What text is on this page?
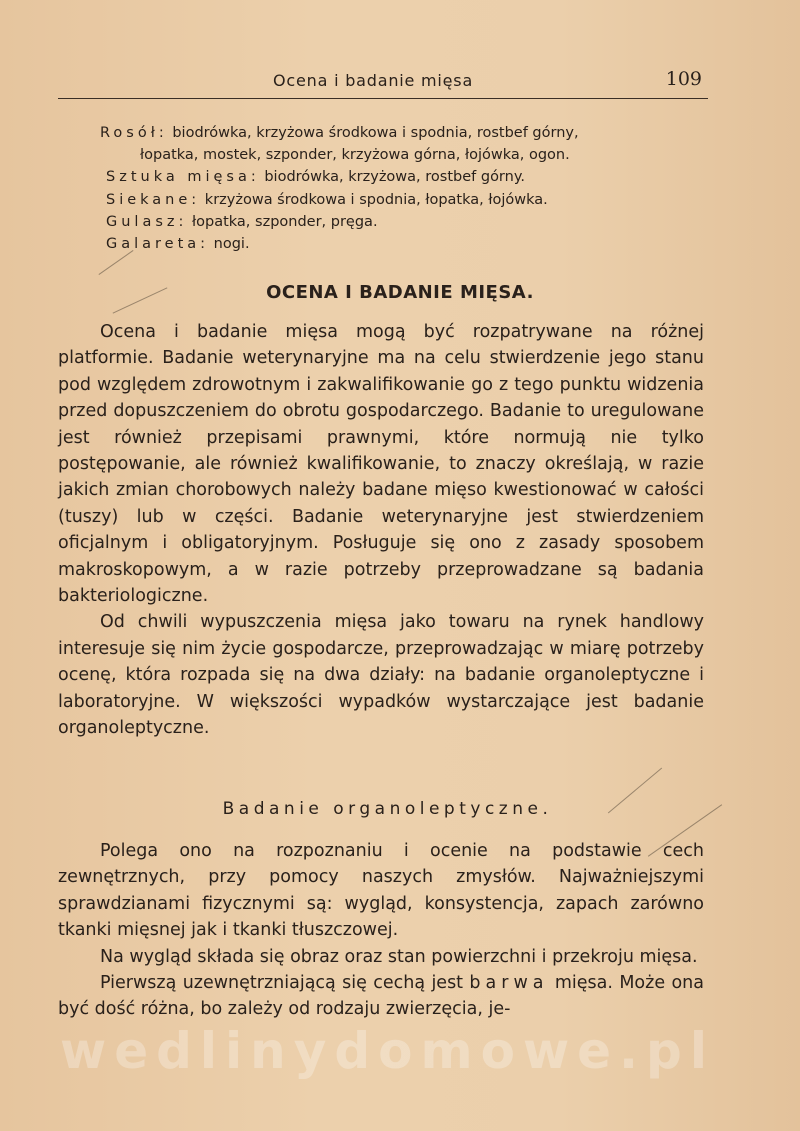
Ocena i badanie mięsa	109
Rosół: biodrówka, krzyżowa środkowa i spodnia, rostbef górny,
łopatka, mostek, szponder, krzyżowa górna, łojówka, ogon.
Sztuka mięsa: biodrówka, krzyżowa, rostbef górny.
Siekane: krzyżowa środkowa i spodnia, łopatka, łojówka.
Gulasz: łopatka, szponder, pręga.
Galareta: nogi.
OCENA I BADANIE MIĘSA.

Ocena i badanie mięsa mogą być rozpatrywane na różnej platformie. Badanie weterynaryjne ma na celu stwierdzenie jego stanu pod względem zdrowotnym i zakwalifikowanie go z tego punktu widzenia przed dopuszczeniem do obrotu gospodarczego. Badanie to uregulowane jest również przepisami prawnymi, które normują nie tylko postępowanie, ale również kwalifikowanie, to znaczy określają, w razie jakich zmian chorobowych należy badane mięso kwestionować w całości (tuszy) lub w części. Badanie weterynaryjne jest stwierdzeniem oficjalnym i obligatoryjnym. Posługuje się ono z zasady sposobem makroskopowym, a w razie potrzeby przeprowadzane są badania bakteriologiczne.

Od chwili wypuszczenia mięsa jako towaru na rynek handlowy interesuje się nim życie gospodarcze, przeprowadzając w miarę potrzeby ocenę, która rozpada się na dwa działy: na badanie organoleptyczne i laboratoryjne. W większości wypadków wystarczające jest badanie organoleptyczne.

Badanie organoleptyczne.

Polega ono na rozpoznaniu i ocenie na podstawie cech zewnętrznych, przy pomocy naszych zmysłów. Najważniejszymi sprawdzianami fizycznymi są: wygląd, konsystencja, zapach zarówno tkanki mięsnej jak i tkanki tłuszczowej.

Na wygląd składa się obraz oraz stan powierzchni i przekroju mięsa.

Pierwszą uzewnętrzniającą się cechą jest barwa mięsa. Może ona być dość różna, bo zależy od rodzaju zwierzęcia, je-

wedlinydomowe.pl
